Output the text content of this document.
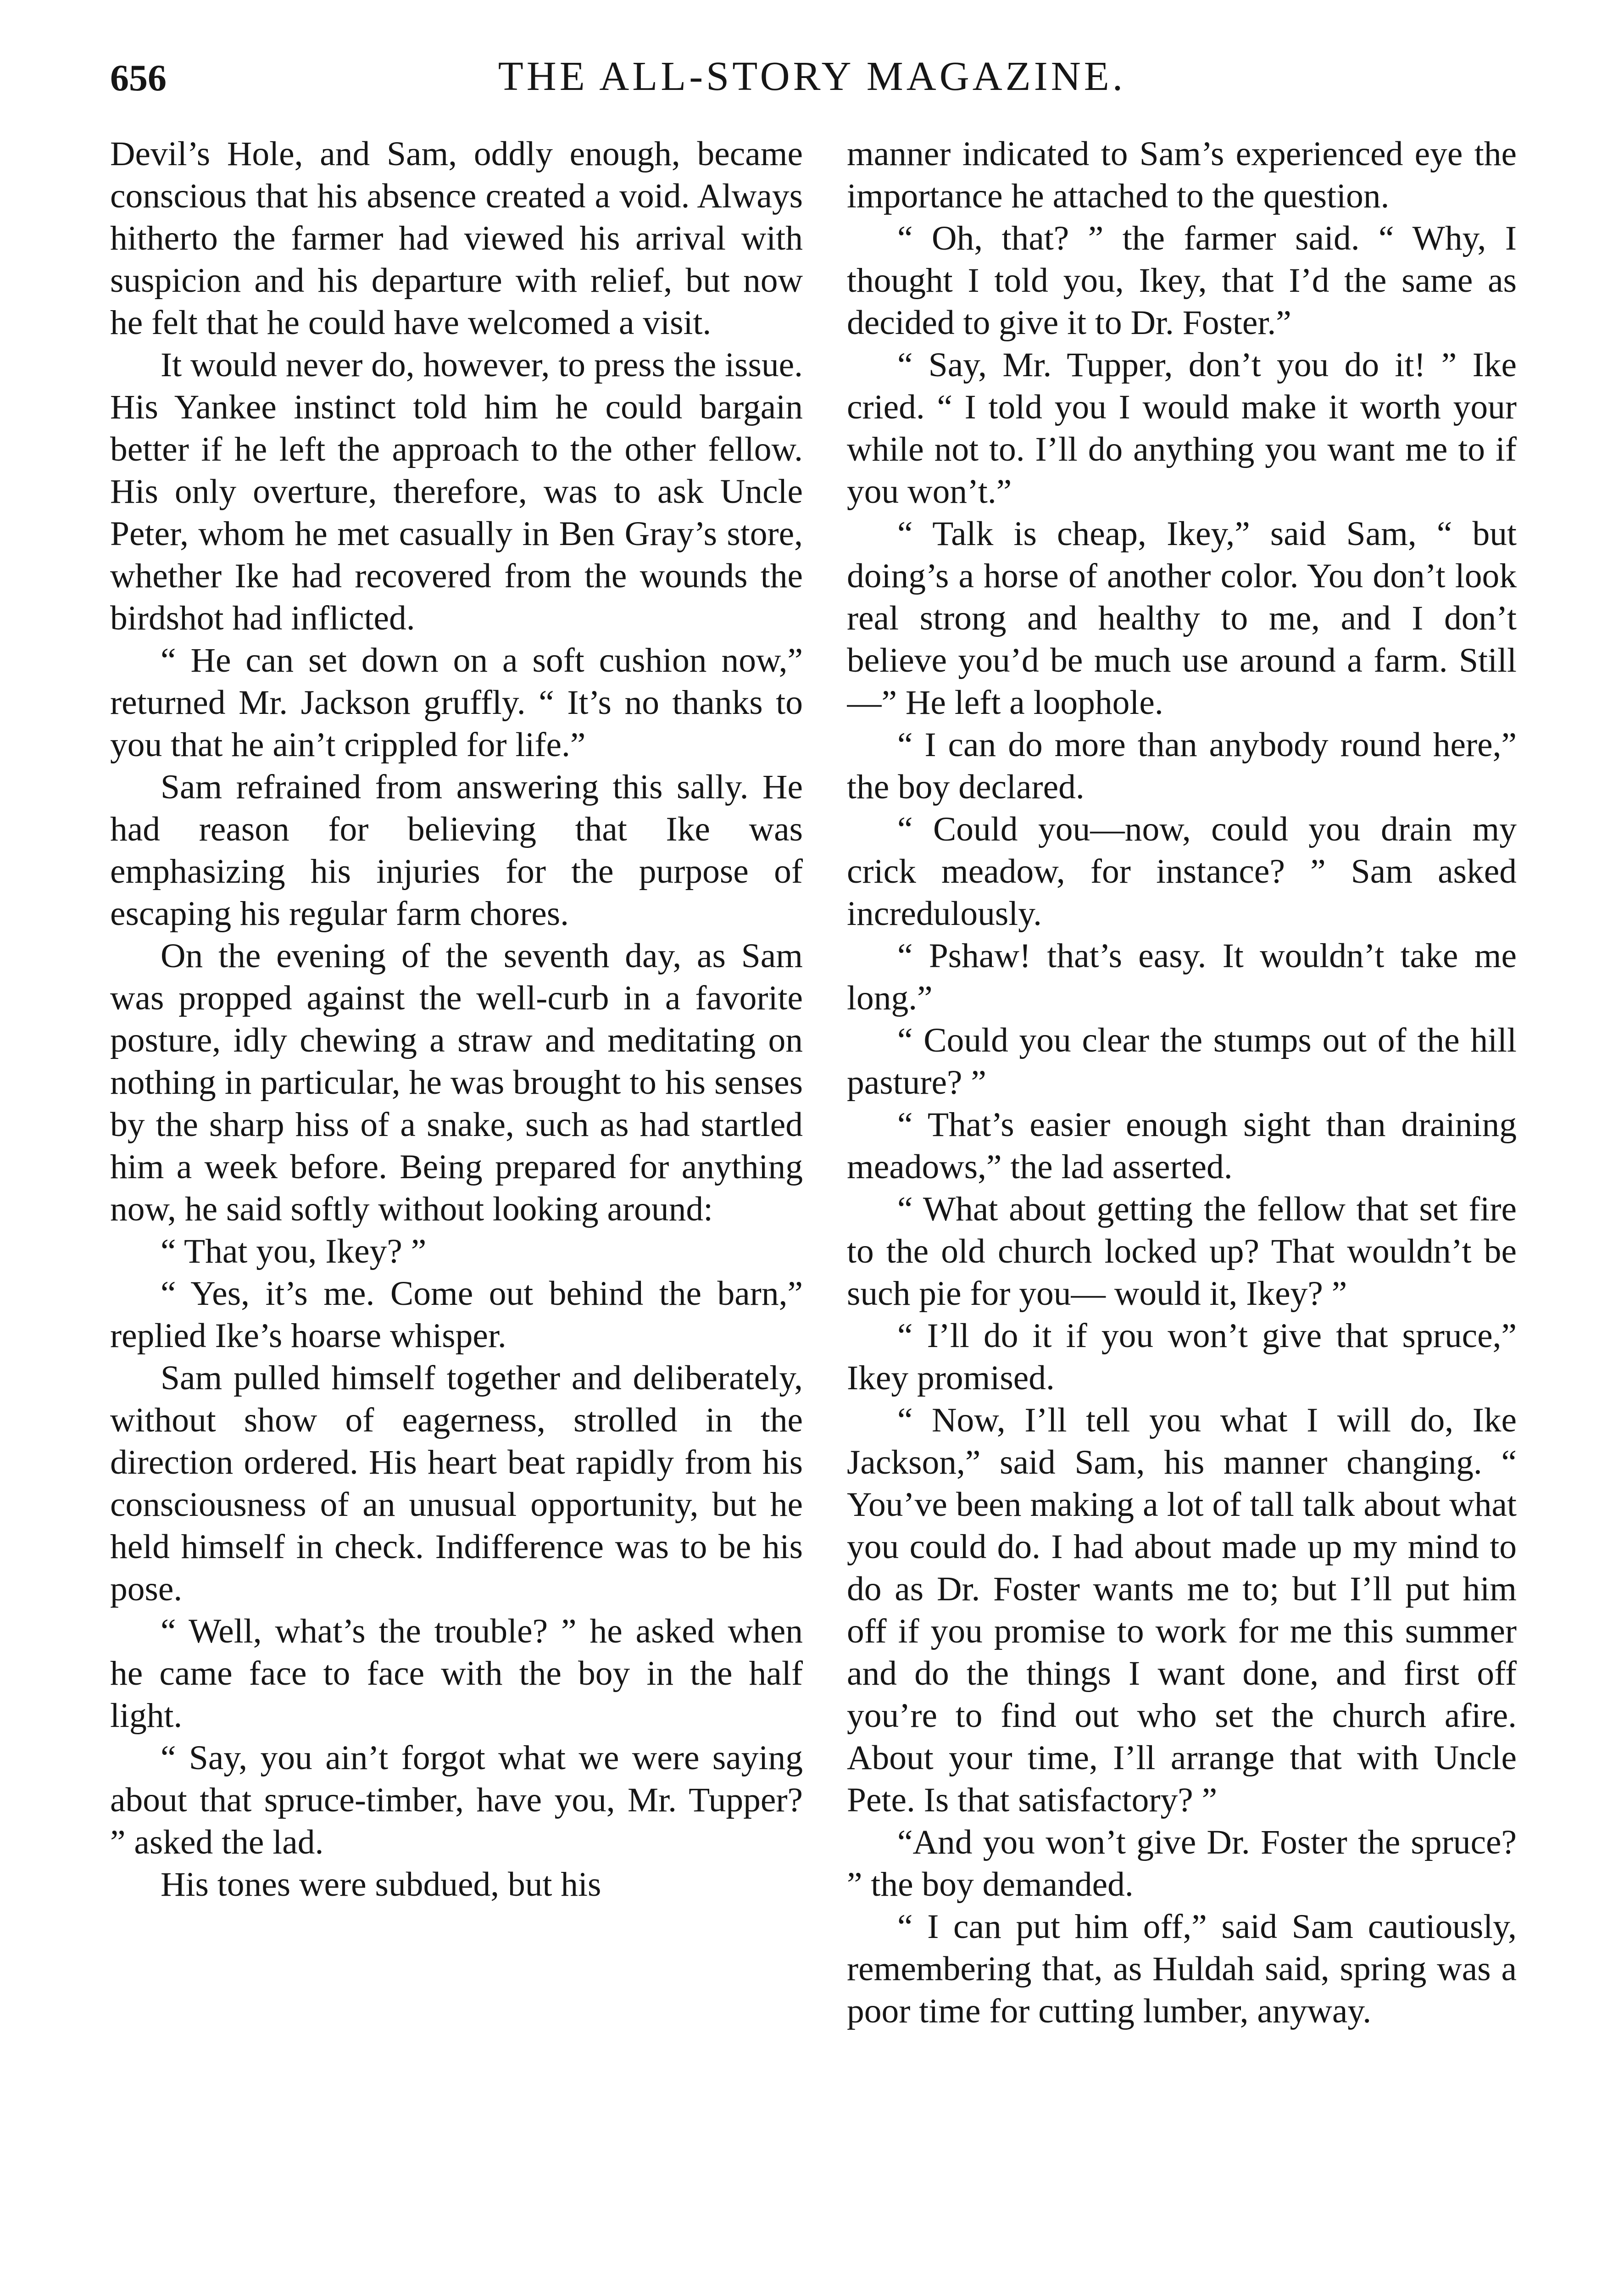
656	THE ALL-STORY MAGAZINE.

Devil’s Hole, and Sam, oddly enough, became conscious that his absence created a void. Always hitherto the farmer had viewed his arrival with suspicion and his departure with relief, but now he felt that he could have welcomed a visit.

It would never do, however, to press the issue. His Yankee instinct told him he could bargain better if he left the approach to the other fellow. His only overture, therefore, was to ask Uncle Peter, whom he met casually in Ben Gray’s store, whether Ike had recovered from the wounds the birdshot had inflicted.

“ He can set down on a soft cushion now,” returned Mr. Jackson gruffly. “ It’s no thanks to you that he ain’t crippled for life.”

Sam refrained from answering this sally. He had reason for believing that Ike was emphasizing his injuries for the purpose of escaping his regular farm chores.

On the evening of the seventh day, as Sam was propped against the well-curb in a favorite posture, idly chewing a straw and meditating on nothing in particular, he was brought to his senses by the sharp hiss of a snake, such as had startled him a week before. Being prepared for anything now, he said softly without looking around:

“ That you, Ikey? ”

“ Yes, it’s me. Come out behind the barn,” replied Ike’s hoarse whisper.

Sam pulled himself together and deliberately, without show of eagerness, strolled in the direction ordered. His heart beat rapidly from his consciousness of an unusual opportunity, but he held himself in check. Indifference was to be his pose.

“ Well, what’s the trouble? ” he asked when he came face to face with the boy in the half light.

“ Say, you ain’t forgot what we were saying about that spruce-timber, have you, Mr. Tupper? ” asked the lad.

His tones were subdued, but his

manner indicated to Sam’s experienced eye the importance he attached to the question.

“ Oh, that? ” the farmer said. “ Why, I thought I told you, Ikey, that I’d the same as decided to give it to Dr. Foster.”

“ Say, Mr. Tupper, don’t you do it! ” Ike cried. “ I told you I would make it worth your while not to. I’ll do anything you want me to if you won’t.”

“ Talk is cheap, Ikey,” said Sam, “ but doing’s a horse of another color. You don’t look real strong and healthy to me, and I don’t believe you’d be much use around a farm. Still—” He left a loophole.

“ I can do more than anybody round here,” the boy declared.

“ Could you—now, could you drain my crick meadow, for instance? ” Sam asked incredulously.

“ Pshaw! that’s easy. It wouldn’t take me long.”

“ Could you clear the stumps out of the hill pasture? ”

“ That’s easier enough sight than draining meadows,” the lad asserted.

“ What about getting the fellow that set fire to the old church locked up? That wouldn’t be such pie for you— would it, Ikey? ”

“ I’ll do it if you won’t give that spruce,” Ikey promised.

“ Now, I’ll tell you what I will do, Ike Jackson,” said Sam, his manner changing. “ You’ve been making a lot of tall talk about what you could do. I had about made up my mind to do as Dr. Foster wants me to; but I’ll put him off if you promise to work for me this summer and do the things I want done, and first off you’re to find out who set the church afire. About your time, I’ll arrange that with Uncle Pete. Is that satisfactory? ”

“And you won’t give Dr. Foster the spruce? ” the boy demanded.

“ I can put him off,” said Sam cautiously, remembering that, as Huldah said, spring was a poor time for cutting lumber, anyway.
